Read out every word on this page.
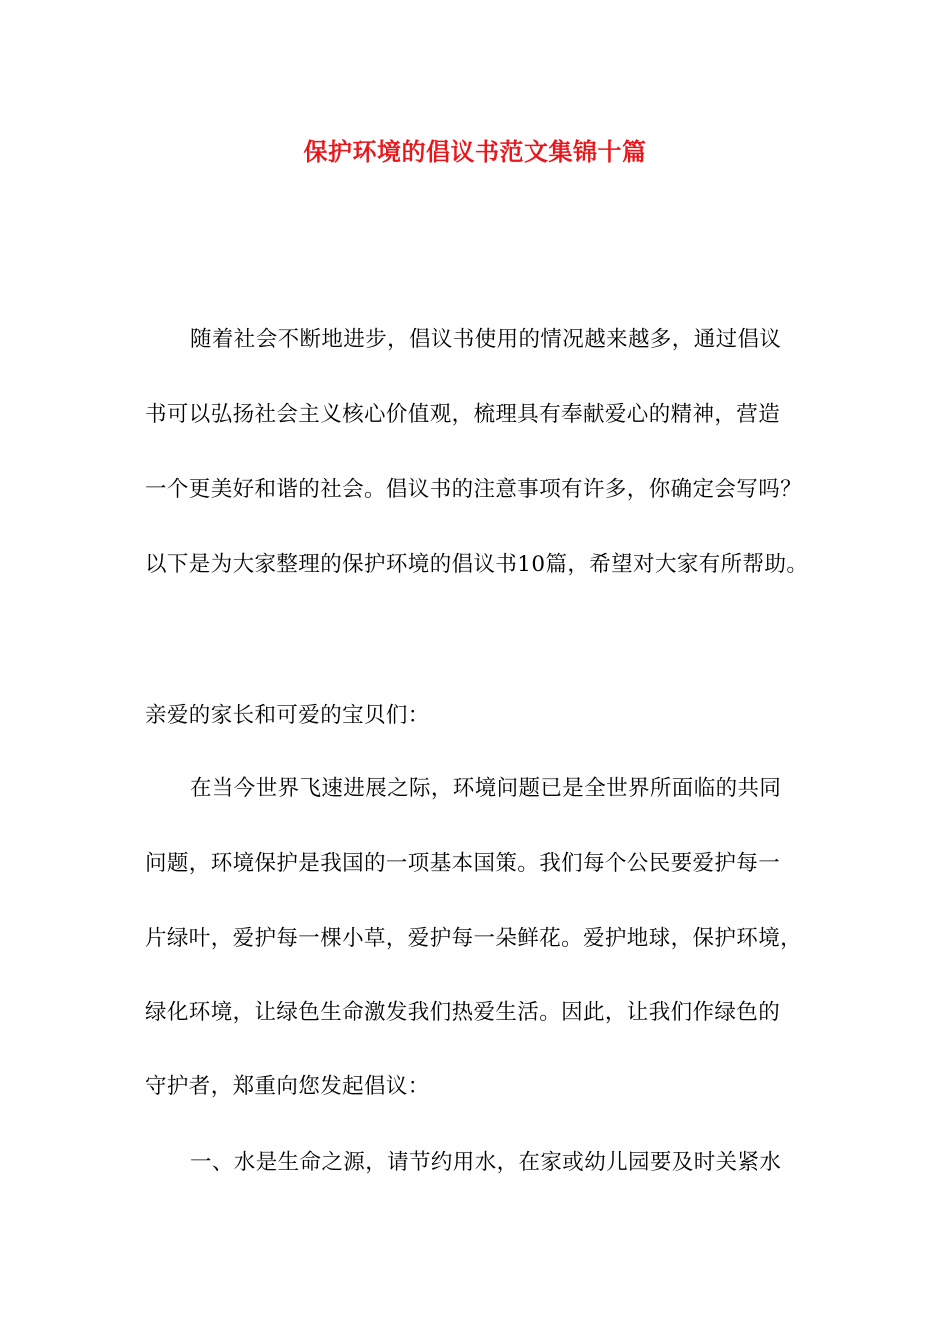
保护环境的倡议书范文集锦十篇
随着社会不断地进步，倡议书使用的情况越来越多，通过倡议
书可以弘扬社会主义核心价值观，梳理具有奉献爱心的精神，营造
一个更美好和谐的社会。倡议书的注意事项有许多，你确定会写吗？
以下是为大家整理的保护环境的倡议书10篇，希望对大家有所帮助。
亲爱的家长和可爱的宝贝们：
在当今世界飞速进展之际，环境问题已是全世界所面临的共同
问题，环境保护是我国的一项基本国策。我们每个公民要爱护每一
片绿叶，爱护每一棵小草，爱护每一朵鲜花。爱护地球，保护环境，
绿化环境，让绿色生命激发我们热爱生活。因此，让我们作绿色的
守护者，郑重向您发起倡议：
一、水是生命之源，请节约用水，在家或幼儿园要及时关紧水
